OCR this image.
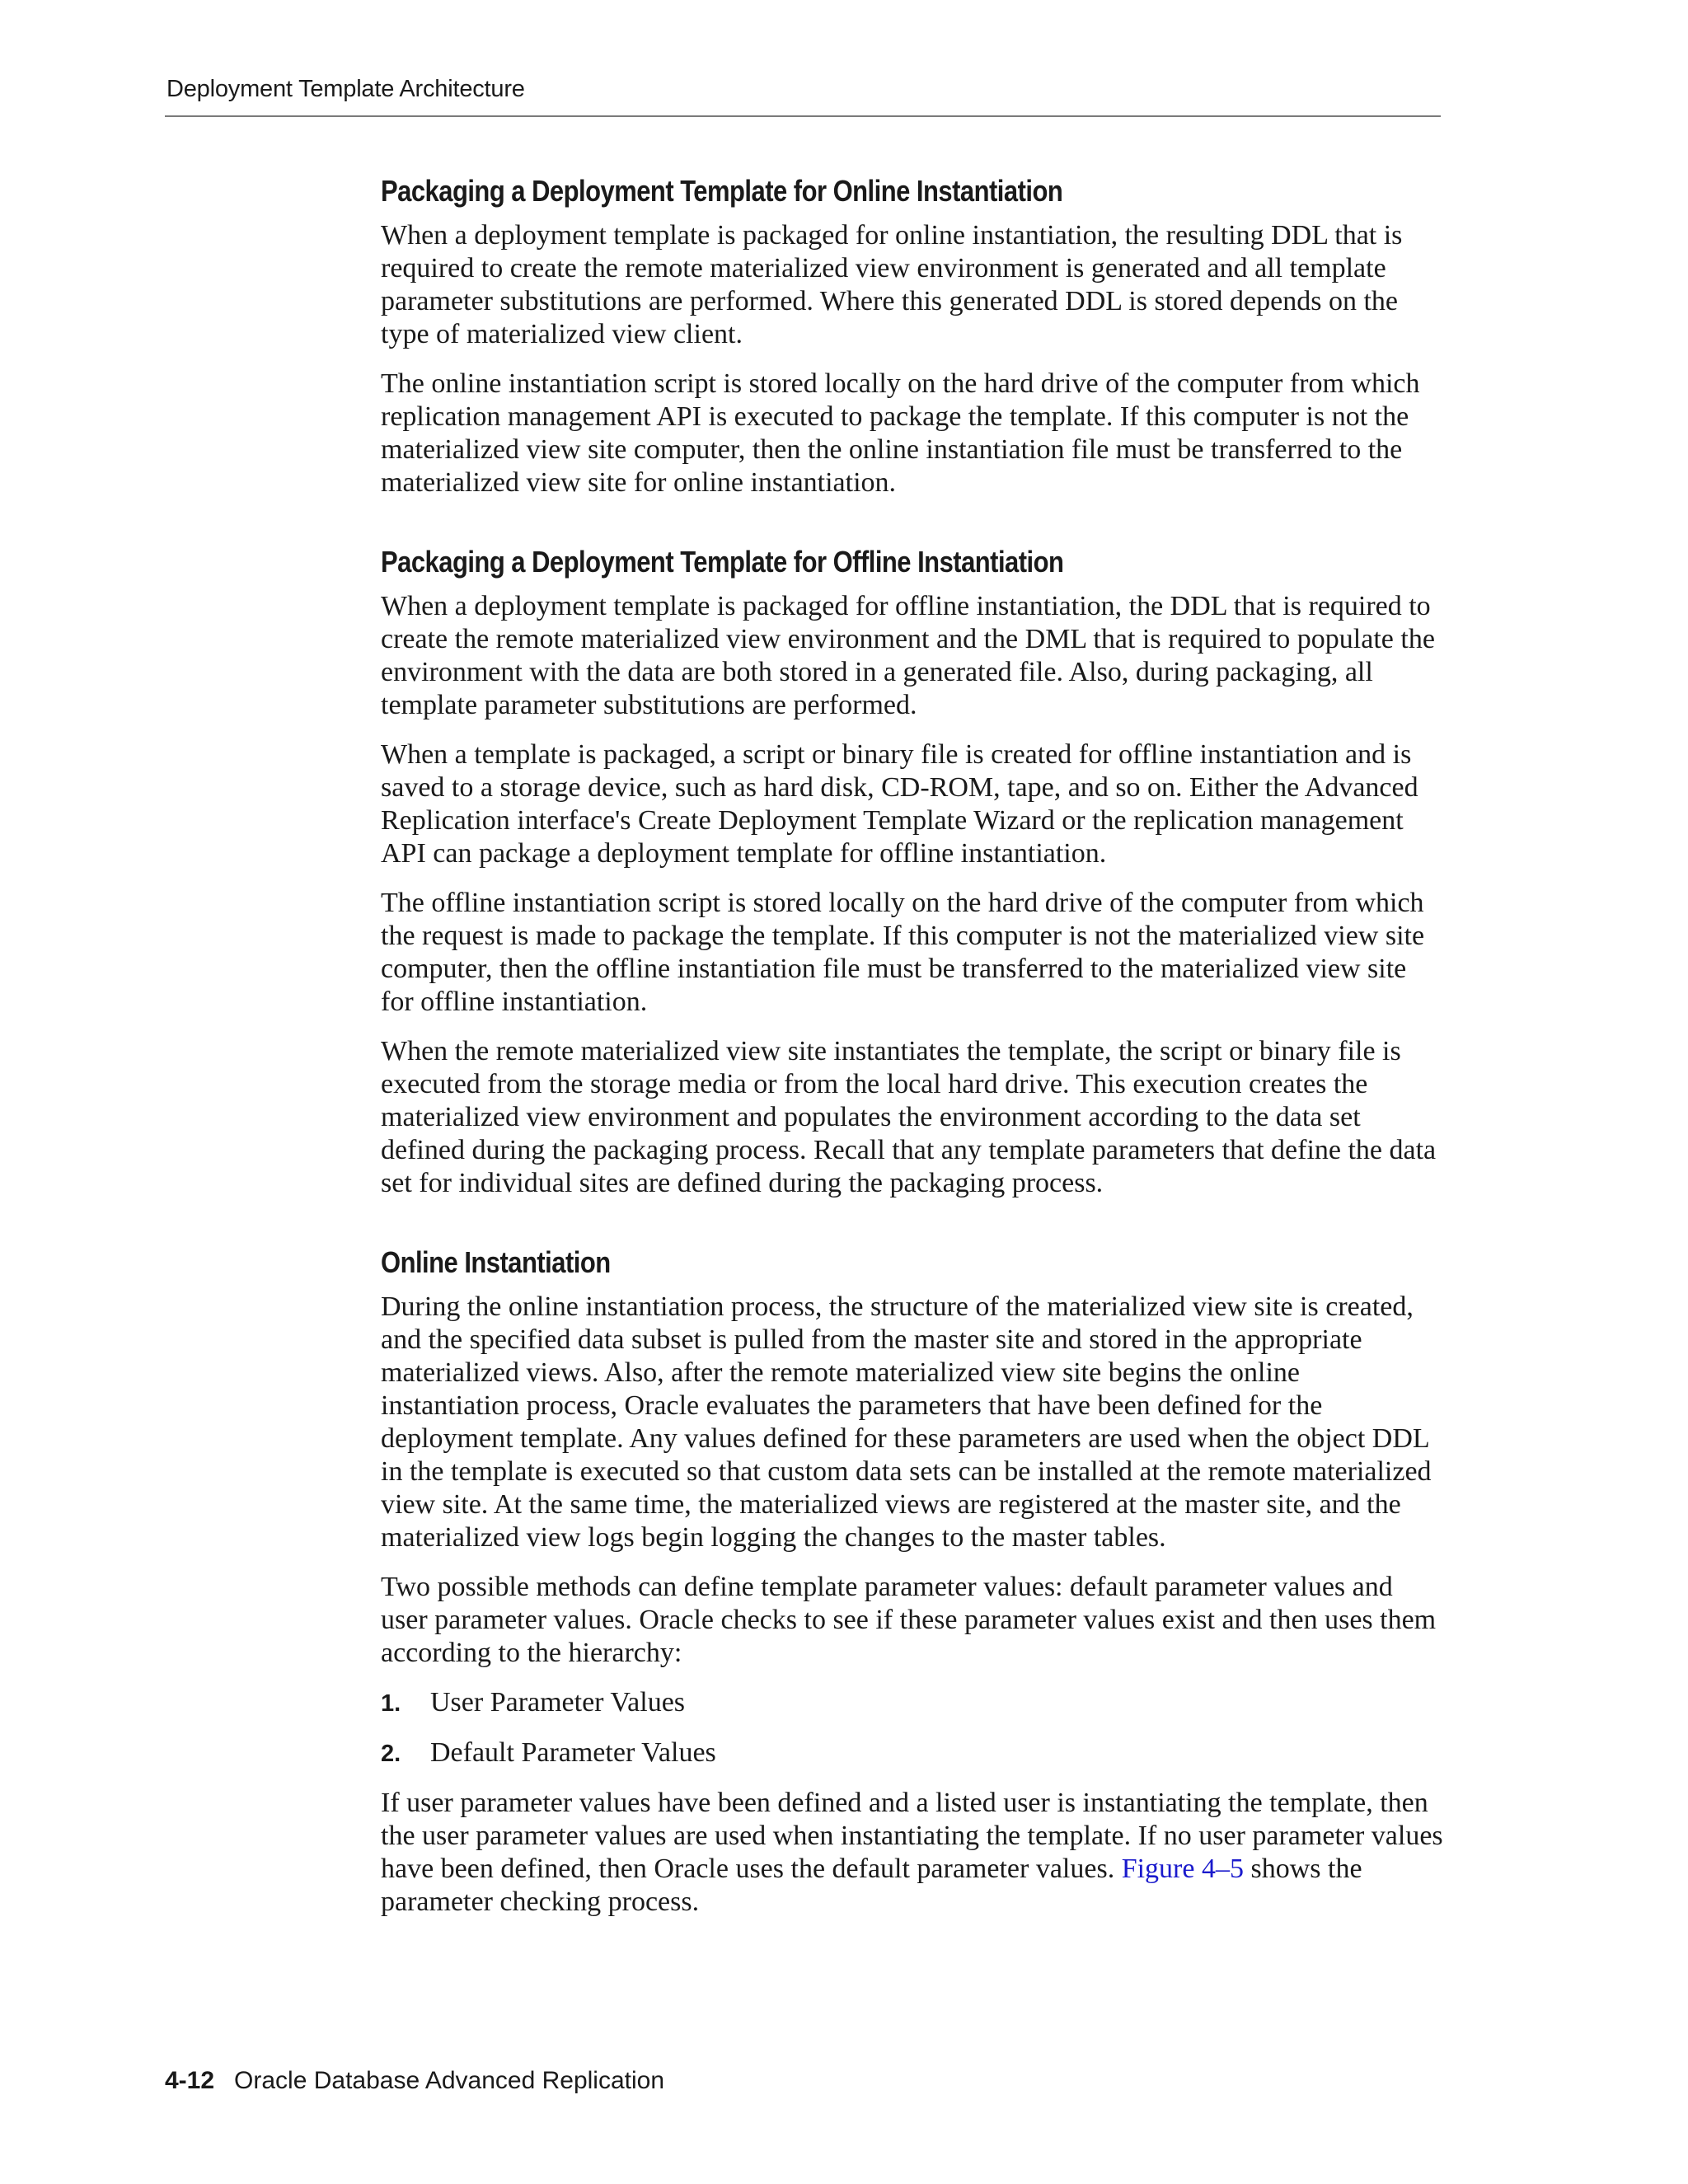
Deployment Template Architecture
Packaging a Deployment Template for Online Instantiation

When a deployment template is packaged for online instantiation, the resulting DDL that is required to create the remote materialized view environment is generated and all template parameter substitutions are performed. Where this generated DDL is stored depends on the type of materialized view client.

The online instantiation script is stored locally on the hard drive of the computer from which replication management API is executed to package the template. If this computer is not the materialized view site computer, then the online instantiation file must be transferred to the materialized view site for online instantiation.

Packaging a Deployment Template for Offline Instantiation

When a deployment template is packaged for offline instantiation, the DDL that is required to create the remote materialized view environment and the DML that is required to populate the environment with the data are both stored in a generated file. Also, during packaging, all template parameter substitutions are performed.

When a template is packaged, a script or binary file is created for offline instantiation and is saved to a storage device, such as hard disk, CD-ROM, tape, and so on. Either the Advanced Replication interface's Create Deployment Template Wizard or the replication management API can package a deployment template for offline instantiation.

The offline instantiation script is stored locally on the hard drive of the computer from which the request is made to package the template. If this computer is not the materialized view site computer, then the offline instantiation file must be transferred to the materialized view site for offline instantiation.

When the remote materialized view site instantiates the template, the script or binary file is executed from the storage media or from the local hard drive. This execution creates the materialized view environment and populates the environment according to the data set defined during the packaging process. Recall that any template parameters that define the data set for individual sites are defined during the packaging process.

Online Instantiation

During the online instantiation process, the structure of the materialized view site is created, and the specified data subset is pulled from the master site and stored in the appropriate materialized views. Also, after the remote materialized view site begins the online instantiation process, Oracle evaluates the parameters that have been defined for the deployment template. Any values defined for these parameters are used when the object DDL in the template is executed so that custom data sets can be installed at the remote materialized view site. At the same time, the materialized views are registered at the master site, and the materialized view logs begin logging the changes to the master tables.

Two possible methods can define template parameter values: default parameter values and user parameter values. Oracle checks to see if these parameter values exist and then uses them according to the hierarchy:

1.	User Parameter Values
2.	Default Parameter Values

If user parameter values have been defined and a listed user is instantiating the template, then the user parameter values are used when instantiating the template. If no user parameter values have been defined, then Oracle uses the default parameter values. Figure 4–5 shows the parameter checking process.

4-12 Oracle Database Advanced Replication
